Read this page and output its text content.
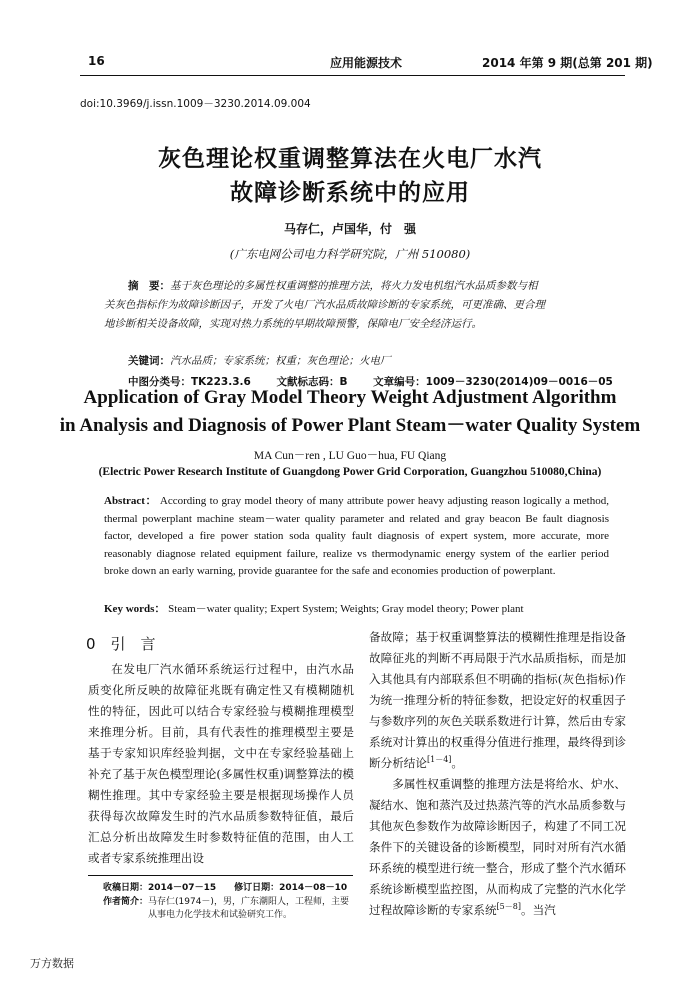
16	应用能源技术	2014 年第 9 期(总第 201 期)
doi:10.3969/j.issn.1009－3230.2014.09.004
灰色理论权重调整算法在火电厂水汽
故障诊断系统中的应用
马存仁，卢国华，付　强
(广东电网公司电力科学研究院，广州 510080)
摘　要：基于灰色理论的多属性权重调整的推理方法，将火力发电机组汽水品质参数与相
关灰色指标作为故障诊断因子，开发了火电厂汽水品质故障诊断的专家系统，可更准确、更合理
地诊断相关设备故障，实现对热力系统的早期故障预警，保障电厂安全经济运行。
关键词：汽水品质；专家系统；权重；灰色理论；火电厂
中图分类号：TK223.3.6 文献标志码：B 文章编号：1009－3230(2014)09－0016－05
Application of Gray Model Theory Weight Adjustment Algorithm
in Analysis and Diagnosis of Power Plant Steam－water Quality System
MA Cun－ren , LU Guo－hua, FU Qiang
(Electric Power Research Institute of Guangdong Power Grid Corporation, Guangzhou 510080,China)
Abstract： According to gray model theory of many attribute power heavy adjusting reason logically a method, thermal powerplant machine steam－water quality parameter and related and gray beacon Be fault diagnosis factor, developed a fire power station soda quality fault diagnosis of expert system, more accurate, more reasonably diagnose related equipment failure, realize vs thermodynamic energy system of the earlier period broke down an early warning, provide guarantee for the safe and economies production of powerplant.
Key words： Steam－water quality; Expert System; Weights; Gray model theory; Power plant
0　引　言

在发电厂汽水循环系统运行过程中，由汽水品质变化所反映的故障征兆既有确定性又有模糊随机性的特征，因此可以结合专家经验与模糊推理模型来推理分析。目前，具有代表性的推理模型主要是基于专家知识库经验判据，文中在专家经验基础上补充了基于灰色模型理论(多属性权重)调整算法的模糊性推理。其中专家经验主要是根据现场操作人员获得每次故障发生时的汽水品质参数特征值，最后汇总分析出故障发生时参数特征值的范围，由人工或者专家系统推理出设

备故障；基于权重调整算法的模糊性推理是指设备故障征兆的判断不再局限于汽水品质指标，而是加入其他具有内部联系但不明确的指标(灰色指标)作为统一推理分析的特征参数，把设定好的权重因子与参数序列的灰色关联系数进行计算，然后由专家系统对计算出的权重得分值进行推理，最终得到诊断分析结论[1－4]。

多属性权重调整的推理方法是将给水、炉水、凝结水、饱和蒸汽及过热蒸汽等的汽水品质参数与其他灰色参数作为故障诊断因子，构建了不同工况条件下的关键设备的诊断模型，同时对所有汽水循环系统的模型进行统一整合，形成了整个汽水循环系统诊断模型监控图，从而构成了完整的汽水化学过程故障诊断的专家系统[5－8]。当汽

收稿日期：2014－07－15　　修订日期：2014－08－10
作者简介：马存仁(1974－)，男，广东潮阳人，工程师，主要
从事电力化学技术和试验研究工作。
万方数据
